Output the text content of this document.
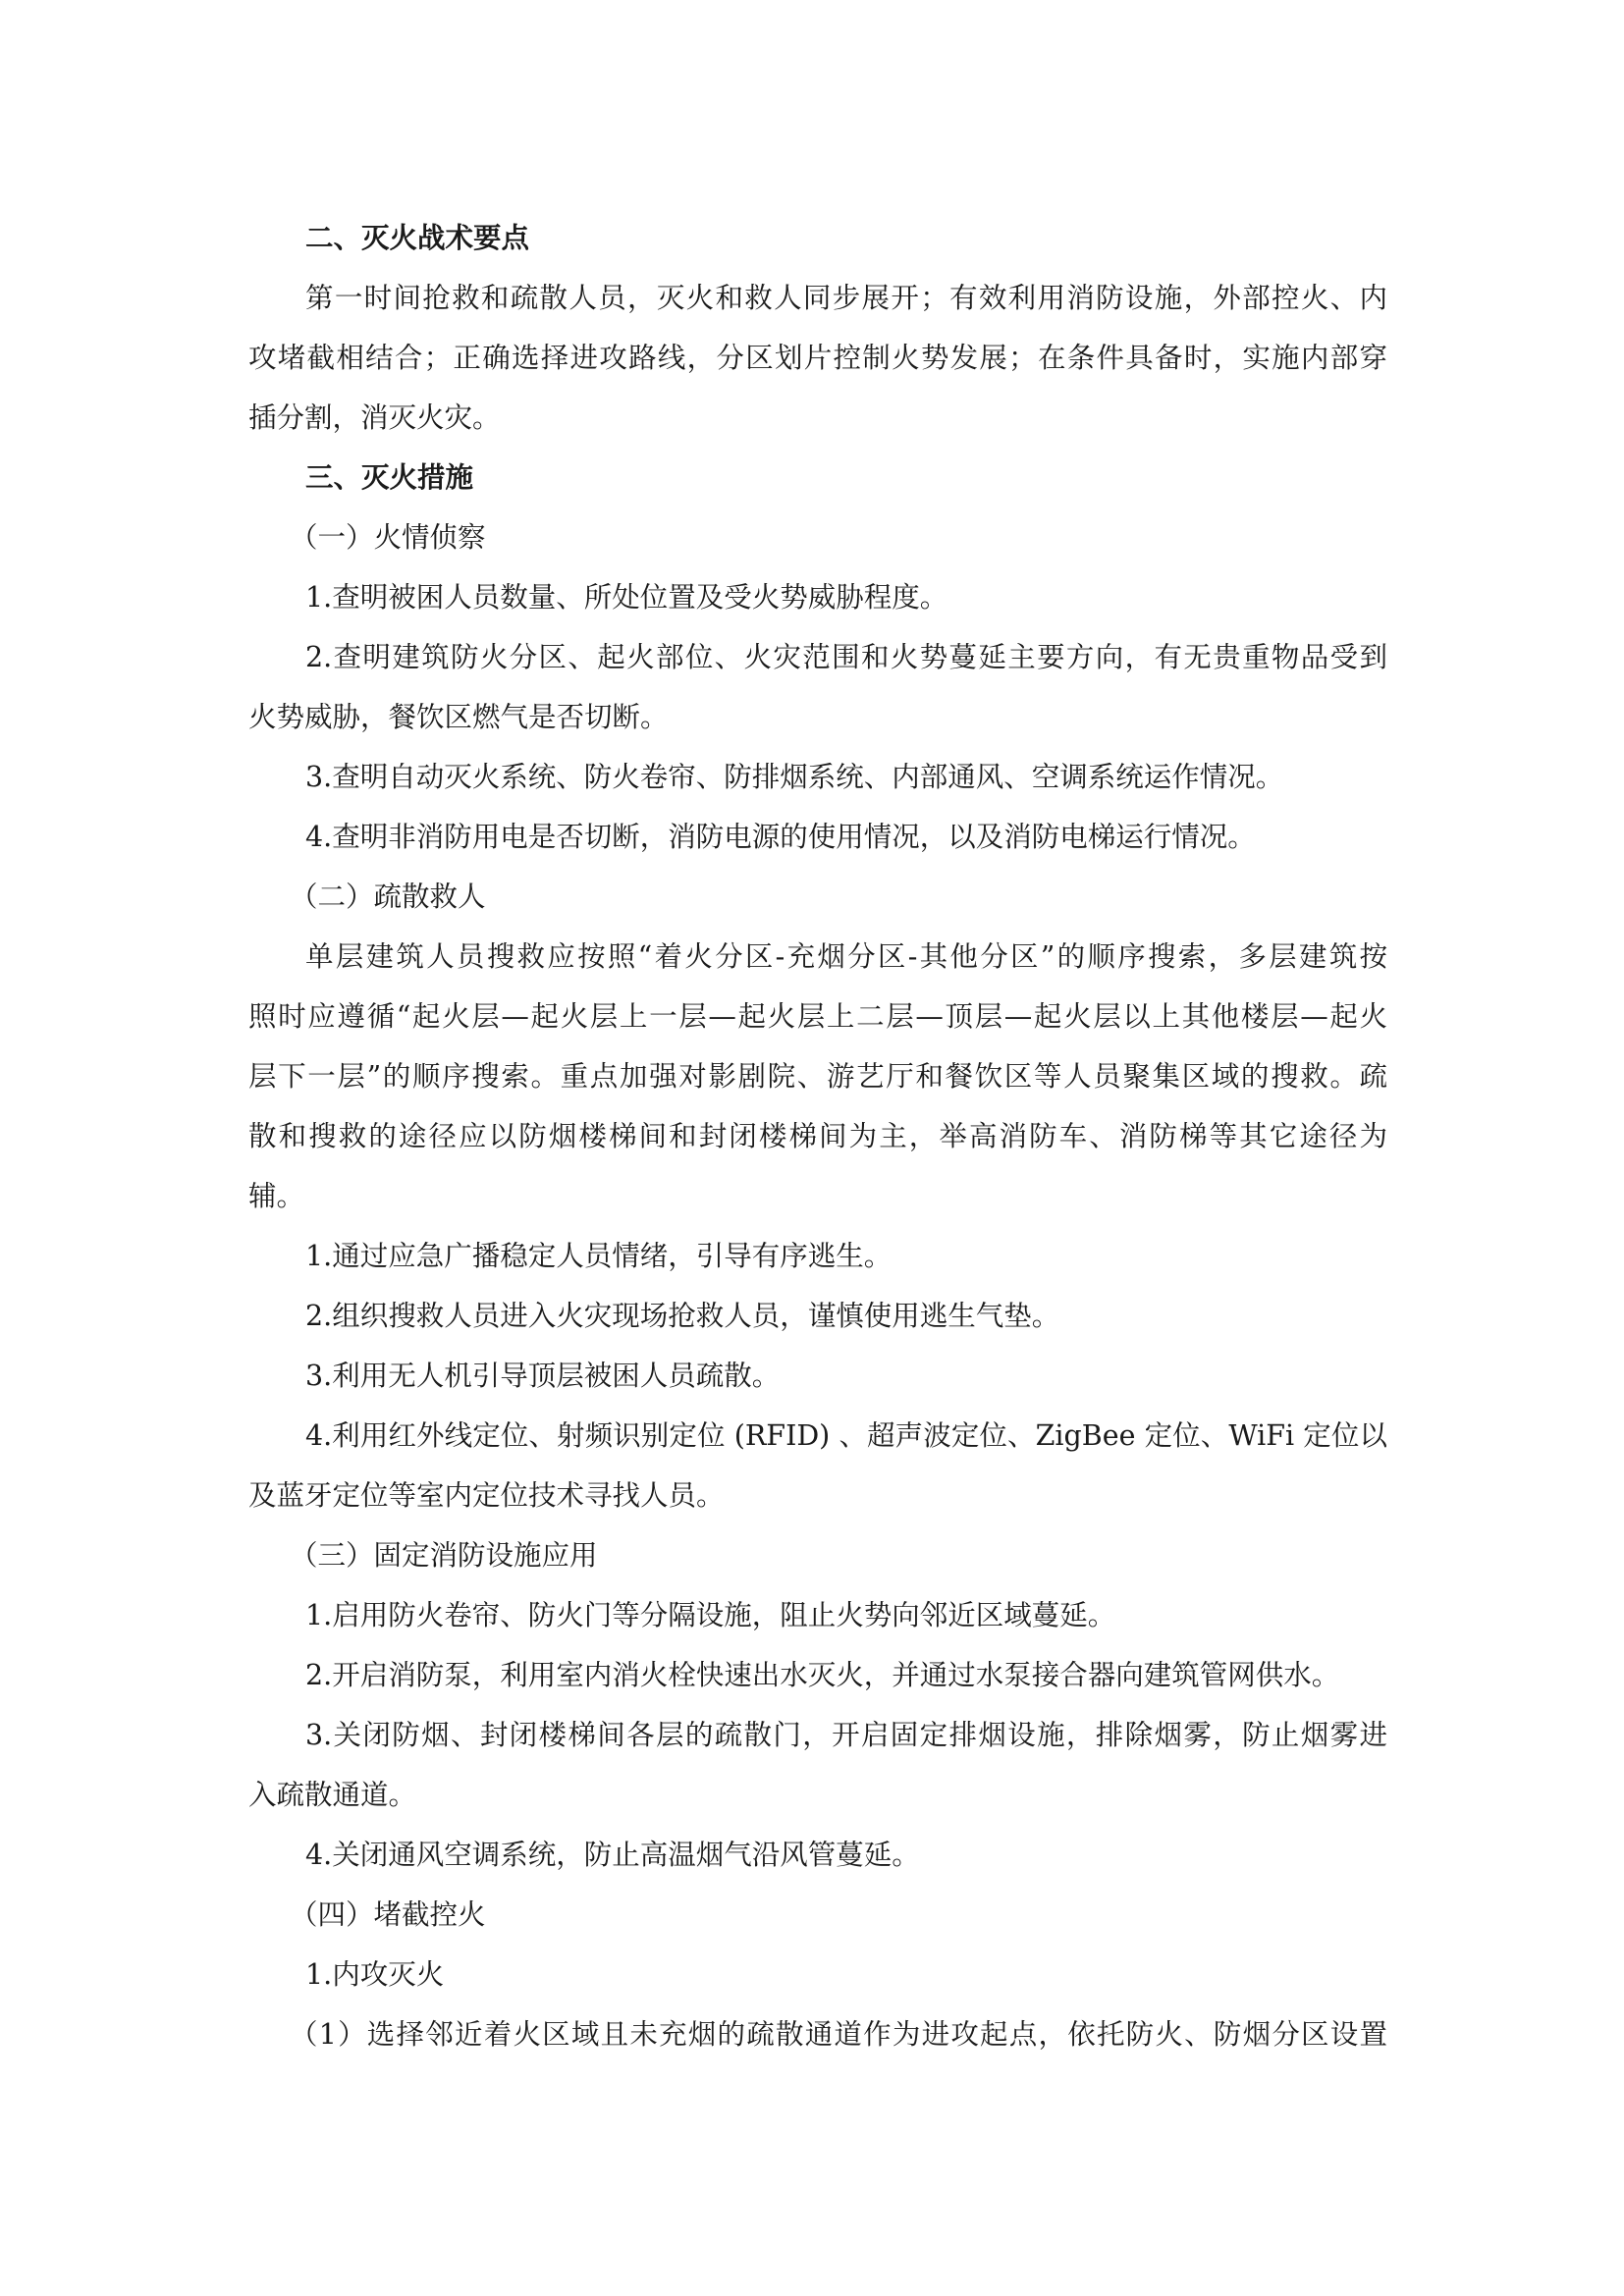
二、灭火战术要点
第一时间抢救和疏散人员，灭火和救人同步展开；有效利用消防设施，外部控火、内
攻堵截相结合；正确选择进攻路线，分区划片控制火势发展；在条件具备时，实施内部穿
插分割，消灭火灾。
三、灭火措施
（一）火情侦察
1.查明被困人员数量、所处位置及受火势威胁程度。
2.查明建筑防火分区、起火部位、火灾范围和火势蔓延主要方向，有无贵重物品受到
火势威胁，餐饮区燃气是否切断。
3.查明自动灭火系统、防火卷帘、防排烟系统、内部通风、空调系统运作情况。
4.查明非消防用电是否切断，消防电源的使用情况，以及消防电梯运行情况。
（二）疏散救人
单层建筑人员搜救应按照“着火分区-充烟分区-其他分区”的顺序搜索，多层建筑按
照时应遵循“起火层—起火层上一层—起火层上二层—顶层—起火层以上其他楼层—起火
层下一层”的顺序搜索。重点加强对影剧院、游艺厅和餐饮区等人员聚集区域的搜救。疏
散和搜救的途径应以防烟楼梯间和封闭楼梯间为主，举高消防车、消防梯等其它途径为
辅。
1.通过应急广播稳定人员情绪，引导有序逃生。
2.组织搜救人员进入火灾现场抢救人员，谨慎使用逃生气垫。
3.利用无人机引导顶层被困人员疏散。
4.利用红外线定位、射频识别定位 (RFID) 、超声波定位、ZigBee 定位、WiFi 定位以
及蓝牙定位等室内定位技术寻找人员。
（三）固定消防设施应用
1.启用防火卷帘、防火门等分隔设施，阻止火势向邻近区域蔓延。
2.开启消防泵，利用室内消火栓快速出水灭火，并通过水泵接合器向建筑管网供水。
3.关闭防烟、封闭楼梯间各层的疏散门，开启固定排烟设施，排除烟雾，防止烟雾进
入疏散通道。
4.关闭通风空调系统，防止高温烟气沿风管蔓延。
（四）堵截控火
1.内攻灭火
（1）选择邻近着火区域且未充烟的疏散通道作为进攻起点，依托防火、防烟分区设置
